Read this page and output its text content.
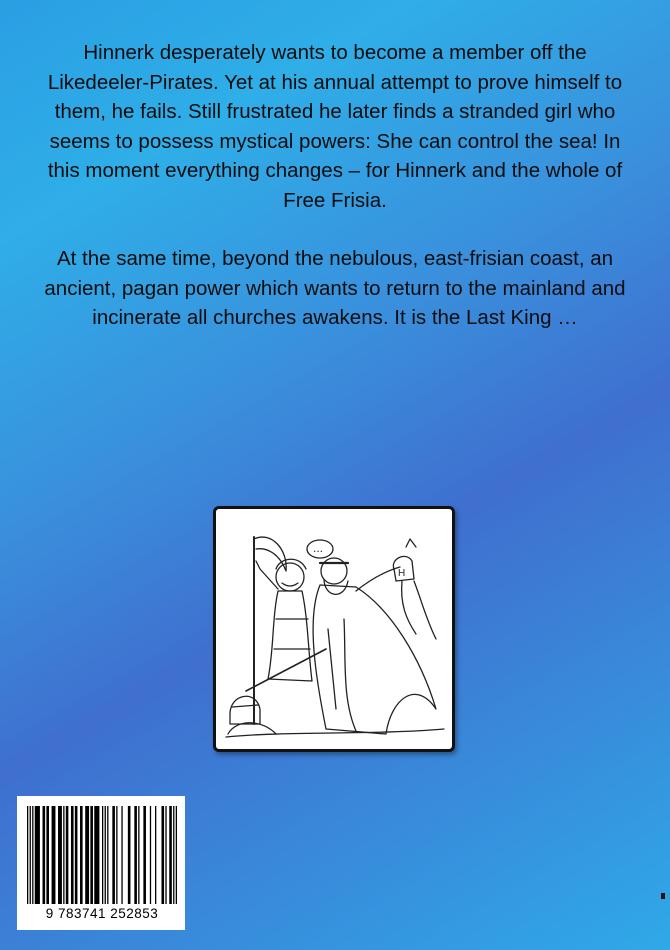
Hinnerk desperately wants to become a member off the Likedeeler-Pirates. Yet at his annual attempt to prove himself to them, he fails. Still frustrated he later finds a stranded girl who seems to possess mystical powers: She can control the sea! In this moment everything changes – for Hinnerk and the whole of Free Frisia.

At the same time, beyond the nebulous, east-frisian coast, an ancient, pagan power which wants to return to the mainland and incinerate all churches awakens. It is the Last King …

...
H
9 783741 252853
